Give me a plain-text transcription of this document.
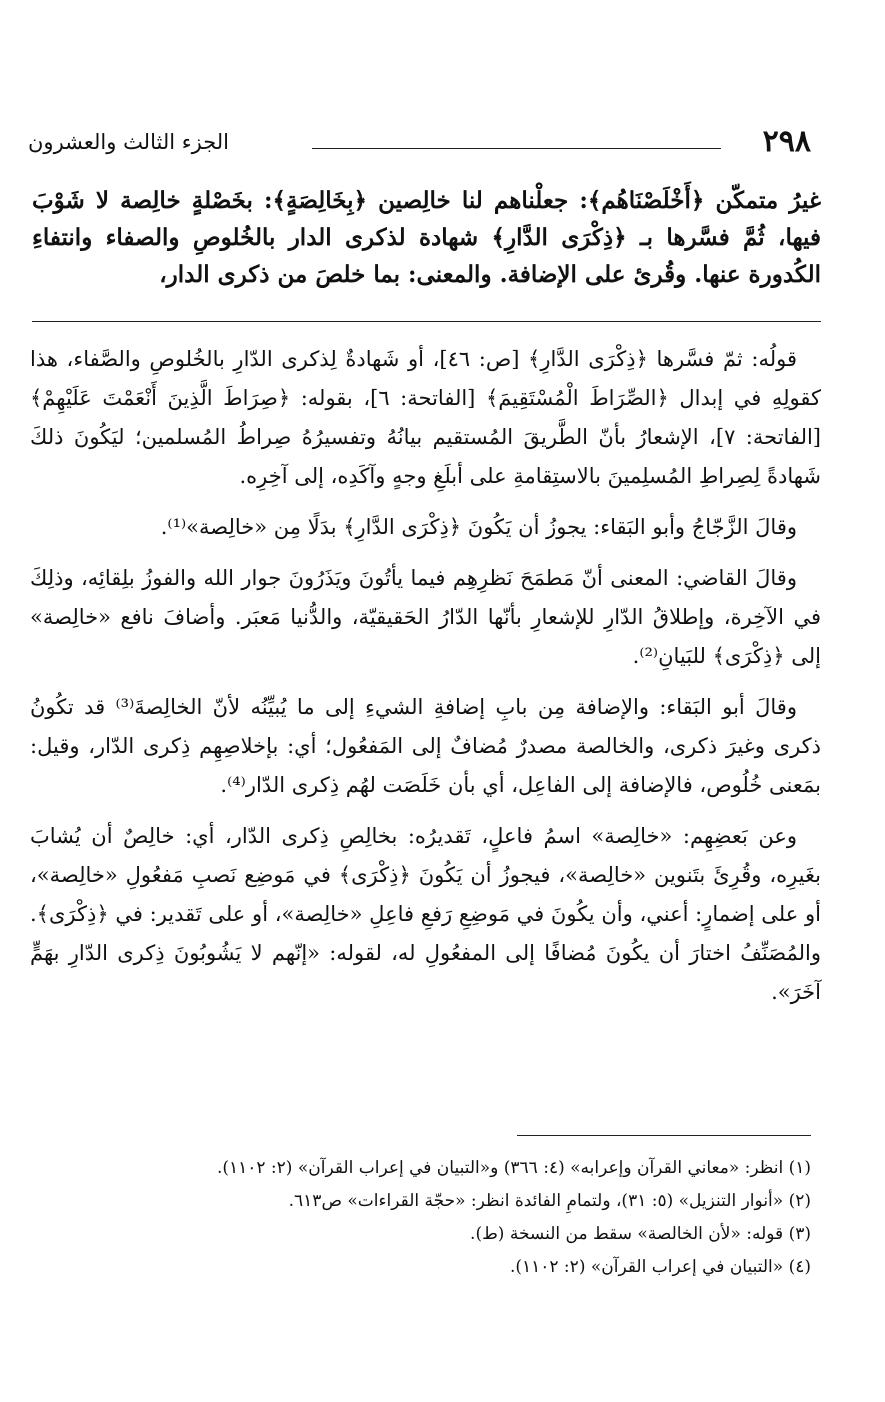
٢٩٨
الجزء الثالث والعشرون
غيرُ متمكّن ﴿أَخْلَصْنَاهُم﴾: جعلْناهم لنا خالِصين ﴿بِخَالِصَةٍ﴾: بخَصْلةٍ خالِصة لا شَوْبَ فيها، ثُمَّ فسَّرها بـ ﴿ذِكْرَى الدَّارِ﴾ شهادة لذكرى الدار بالخُلوصِ والصفاء وانتفاءِ الكُدورة عنها. وقُرئ على الإضافة. والمعنى: بما خلصَ من ذكرى الدار،

قولُه: ثمّ فسَّرها ﴿ذِكْرَى الدَّارِ﴾ [ص: ٤٦]، أو شَهادةٌ لِذكرى الدّارِ بالخُلوصِ والصَّفاء، هذا كقولِهِ في إبدال ﴿الصِّرَاطَ الْمُسْتَقِيمَ﴾ [الفاتحة: ٦]، بقوله: ﴿صِرَاطَ الَّذِينَ أَنْعَمْتَ عَلَيْهِمْ﴾ [الفاتحة: ٧]، الإشعارُ بأنّ الطَّريقَ المُستقيم بيانُهُ وتفسيرُهُ صِراطُ المُسلمين؛ ليَكُونَ ذلكَ شَهادةً لِصِراطِ المُسلِمينَ بالاستِقامةِ على أبلَغِ وجهٍ وآكَدِه، إلى آخِرِه.

وقالَ الزَّجّاجُ وأبو البَقاء: يجوزُ أن يَكُونَ ﴿ذِكْرَى الدَّارِ﴾ بدَلًا مِن «خالِصة»⁽¹⁾.

وقالَ القاضي: المعنى أنّ مَطمَحَ نَظرِهِم فيما يأتُونَ ويَذَرُونَ جوار الله والفوزُ بلِقائِه، وذلِكَ في الآخِرة، وإطلاقُ الدّارِ للإشعارِ بأنّها الدّارُ الحَقيقيّة، والدُّنيا مَعبَر. وأضافَ نافع «خالِصة» إلى ﴿ذِكْرَى﴾ للبَيانِ⁽²⁾.

وقالَ أبو البَقاء: والإضافة مِن بابِ إضافةِ الشيءِ إلى ما يُبيِّنُه لأنّ الخالِصةَ⁽³⁾ قد تكُونُ ذكرى وغيرَ ذكرى، والخالصة مصدرٌ مُضافٌ إلى المَفعُول؛ أي: بإخلاصِهِم ذِكرى الدّار، وقيل: بمَعنى خُلُوص، فالإضافة إلى الفاعِل، أي بأن خَلَصَت لهُم ذِكرى الدّار⁽⁴⁾.

وعن بَعضِهِم: «خالِصة» اسمُ فاعلٍ، تَقديرُه: بخالِصِ ذِكرى الدّار، أي: خالِصٌ أن يُشابَ بغَيرِه، وقُرِئَ بتَنوين «خالِصة»، فيجوزُ أن يَكُونَ ﴿ذِكْرَى﴾ في مَوضِع نَصبِ مَفعُولِ «خالِصة»، أو على إضمارٍ: أعني، وأن يكُونَ في مَوضِعِ رَفعِ فاعِلِ «خالِصة»، أو على تَقدير: في ﴿ذِكْرَى﴾. والمُصَنِّفُ اختارَ أن يكُونَ مُضافًا إلى المفعُولِ له، لقوله: «إنّهم لا يَشُوبُونَ ذِكرى الدّارِ بهَمٍّ آخَرَ».

(١) انظر: «معاني القرآن وإعرابه» (٤: ٣٦٦) و«التبيان في إعراب القرآن» (٢: ١١٠٢).
(٢) «أنوار التنزيل» (٥: ٣١)، ولتمامِ الفائدة انظر: «حجّة القراءات» ص٦١٣.
(٣) قوله: «لأن الخالصة» سقط من النسخة (ط).
(٤) «التبيان في إعراب القرآن» (٢: ١١٠٢).
